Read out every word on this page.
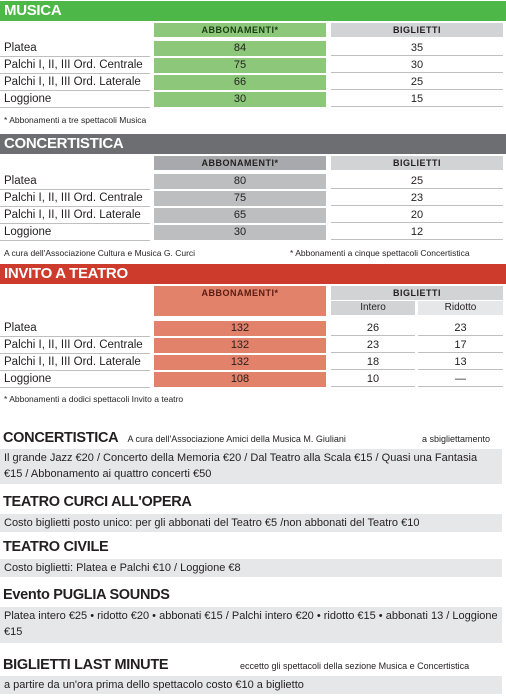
MUSICA
ABBONAMENTI*	BIGLIETTI
Platea	84	35
Palchi I, II, III Ord. Centrale	75	30
Palchi I, II, III Ord. Laterale	66	25
Loggione	30	15
* Abbonamenti a tre spettacoli Musica
CONCERTISTICA
ABBONAMENTI*	BIGLIETTI
Platea	80	25
Palchi I, II, III Ord. Centrale	75	23
Palchi I, II, III Ord. Laterale	65	20
Loggione	30	12
A cura dell'Associazione Cultura e Musica G. Curci	* Abbonamenti a cinque spettacoli Concertistica
INVITO A TEATRO
ABBONAMENTI*	BIGLIETTI
Intero	Ridotto
Platea	132	26	23
Palchi I, II, III Ord. Centrale	132	23	17
Palchi I, II, III Ord. Laterale	132	18	13
Loggione	108	10	—
* Abbonamenti a dodici spettacoli Invito a teatro
CONCERTISTICA A cura dell'Associazione Amici della Musica M. Giuliani	a sbigliettamento
Il grande Jazz €20 / Concerto della Memoria €20 / Dal Teatro alla Scala €15 / Quasi una Fantasia €15 / Abbonamento ai quattro concerti €50
TEATRO CURCI ALL'OPERA
Costo biglietti posto unico: per gli abbonati del Teatro €5 /non abbonati del Teatro €10
TEATRO CIVILE
Costo biglietti: Platea e Palchi €10 / Loggione €8
Evento PUGLIA SOUNDS
Platea intero €25 • ridotto €20 • abbonati €15 / Palchi intero €20 • ridotto €15 • abbonati 13 / Loggione €15
BIGLIETTI LAST MINUTE	eccetto gli spettacoli della sezione Musica e Concertistica
a partire da un'ora prima dello spettacolo costo €10 a biglietto
